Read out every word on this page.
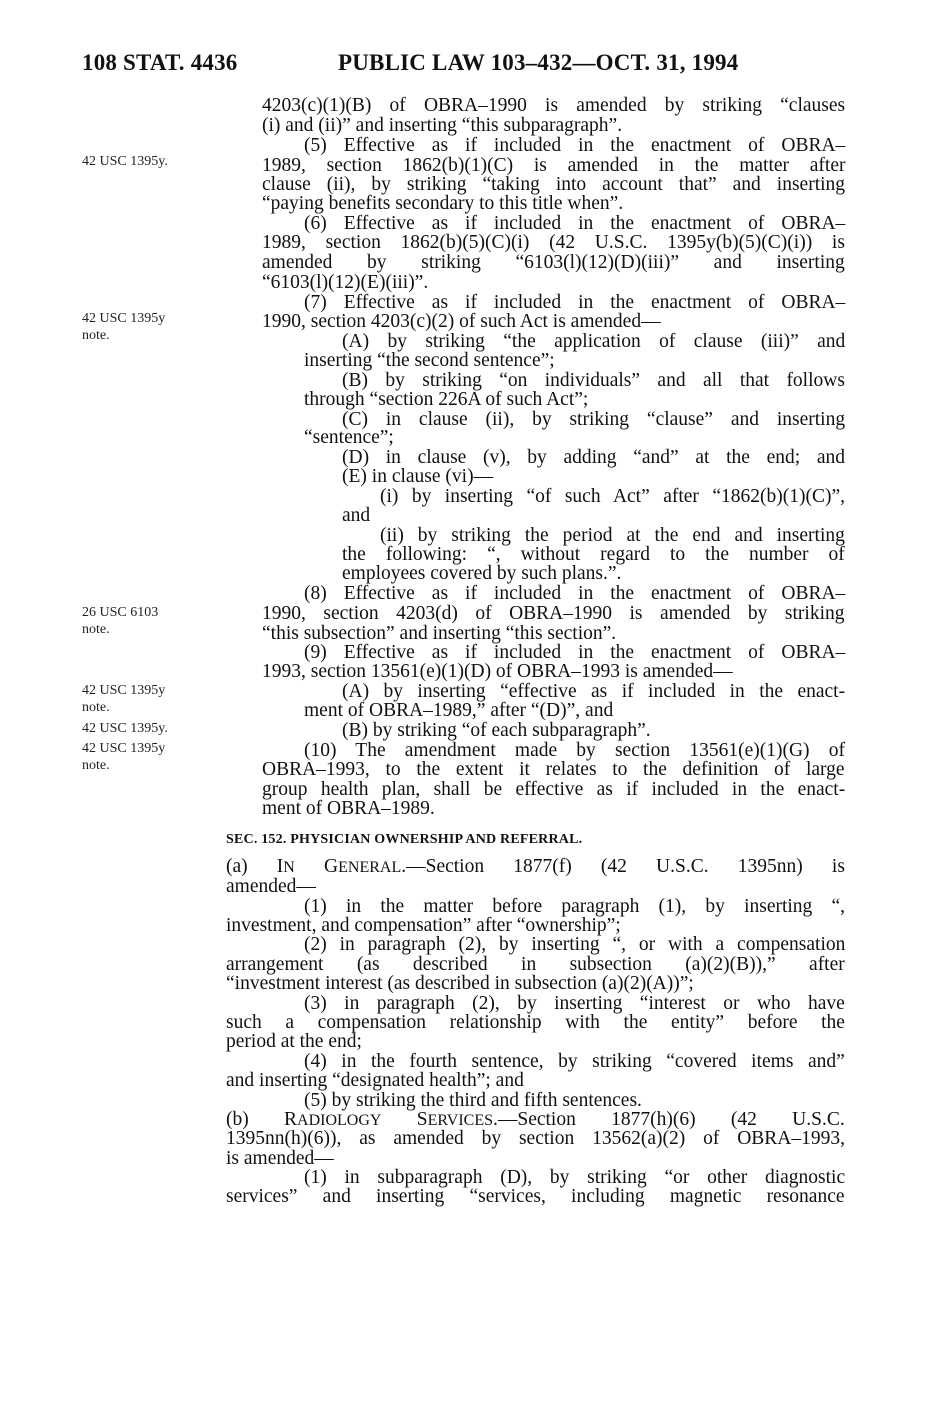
108 STAT. 4436	PUBLIC LAW 103–432—OCT. 31, 1994
42 USC 1395y.
42 USC 1395y
note.
26 USC 6103
note.
42 USC 1395y
note.
42 USC 1395y.
42 USC 1395y
note.
4203(c)(1)(B) of OBRA–1990 is amended by striking “clauses
(i) and (ii)” and inserting “this subparagraph”.
(5) Effective as if included in the enactment of OBRA–
1989, section 1862(b)(1)(C) is amended in the matter after
clause (ii), by striking “taking into account that” and inserting
“paying benefits secondary to this title when”.
(6) Effective as if included in the enactment of OBRA–
1989, section 1862(b)(5)(C)(i) (42 U.S.C. 1395y(b)(5)(C)(i)) is
amended by striking “6103(l)(12)(D)(iii)” and inserting
“6103(l)(12)(E)(iii)”.
(7) Effective as if included in the enactment of OBRA–
1990, section 4203(c)(2) of such Act is amended—
(A) by striking “the application of clause (iii)” and
inserting “the second sentence”;
(B) by striking “on individuals” and all that follows
through “section 226A of such Act”;
(C) in clause (ii), by striking “clause” and inserting
“sentence”;
(D) in clause (v), by adding “and” at the end; and
(E) in clause (vi)—
(i) by inserting “of such Act” after “1862(b)(1)(C)”,
and
(ii) by striking the period at the end and inserting
the following: “, without regard to the number of
employees covered by such plans.”.
(8) Effective as if included in the enactment of OBRA–
1990, section 4203(d) of OBRA–1990 is amended by striking
“this subsection” and inserting “this section”.
(9) Effective as if included in the enactment of OBRA–
1993, section 13561(e)(1)(D) of OBRA–1993 is amended—
(A) by inserting “effective as if included in the enact-
ment of OBRA–1989,” after “(D)”, and
(B) by striking “of each subparagraph”.
(10) The amendment made by section 13561(e)(1)(G) of
OBRA–1993, to the extent it relates to the definition of large
group health plan, shall be effective as if included in the enact-
ment of OBRA–1989.
SEC. 152. PHYSICIAN OWNERSHIP AND REFERRAL.
(a) IN GENERAL.—Section 1877(f) (42 U.S.C. 1395nn) is
amended—
(1) in the matter before paragraph (1), by inserting “,
investment, and compensation” after “ownership”;
(2) in paragraph (2), by inserting “, or with a compensation
arrangement (as described in subsection (a)(2)(B)),” after
“investment interest (as described in subsection (a)(2)(A))”;
(3) in paragraph (2), by inserting “interest or who have
such a compensation relationship with the entity” before the
period at the end;
(4) in the fourth sentence, by striking “covered items and”
and inserting “designated health”; and
(5) by striking the third and fifth sentences.
(b) RADIOLOGY SERVICES.—Section 1877(h)(6) (42 U.S.C.
1395nn(h)(6)), as amended by section 13562(a)(2) of OBRA–1993,
is amended—
(1) in subparagraph (D), by striking “or other diagnostic
services” and inserting “services, including magnetic resonance
